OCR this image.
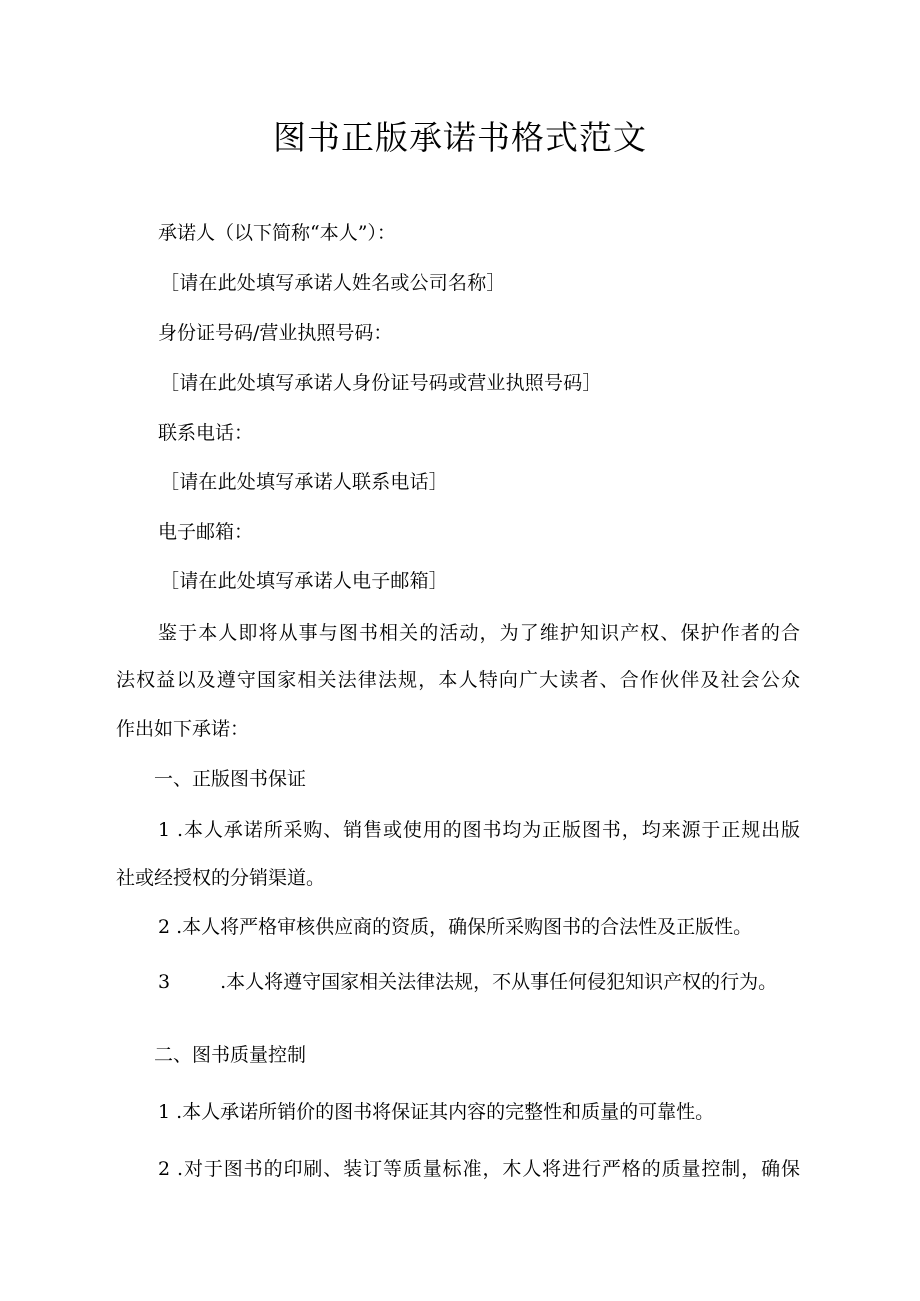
图书正版承诺书格式范文
承诺人（以下简称“本人”）：
［请在此处填写承诺人姓名或公司名称］
身份证号码/营业执照号码：
［请在此处填写承诺人身份证号码或营业执照号码］
联系电话：
［请在此处填写承诺人联系电话］
电子邮箱：
［请在此处填写承诺人电子邮箱］
鉴于本人即将从事与图书相关的活动，为了维护知识产权、保护作者的合
法权益以及遵守国家相关法律法规，本人特向广大读者、合作伙伴及社会公众
作出如下承诺：
一、正版图书保证
1 .本人承诺所采购、销售或使用的图书均为正版图书，均来源于正规出版
社或经授权的分销渠道。
2 .本人将严格审核供应商的资质，确保所采购图书的合法性及正版性。
3	.本人将遵守国家相关法律法规，不从事任何侵犯知识产权的行为。
二、图书质量控制
1 .本人承诺所销价的图书将保证其内容的完整性和质量的可靠性。
2 .对于图书的印刷、装订等质量标准，木人将进行严格的质量控制，确保
